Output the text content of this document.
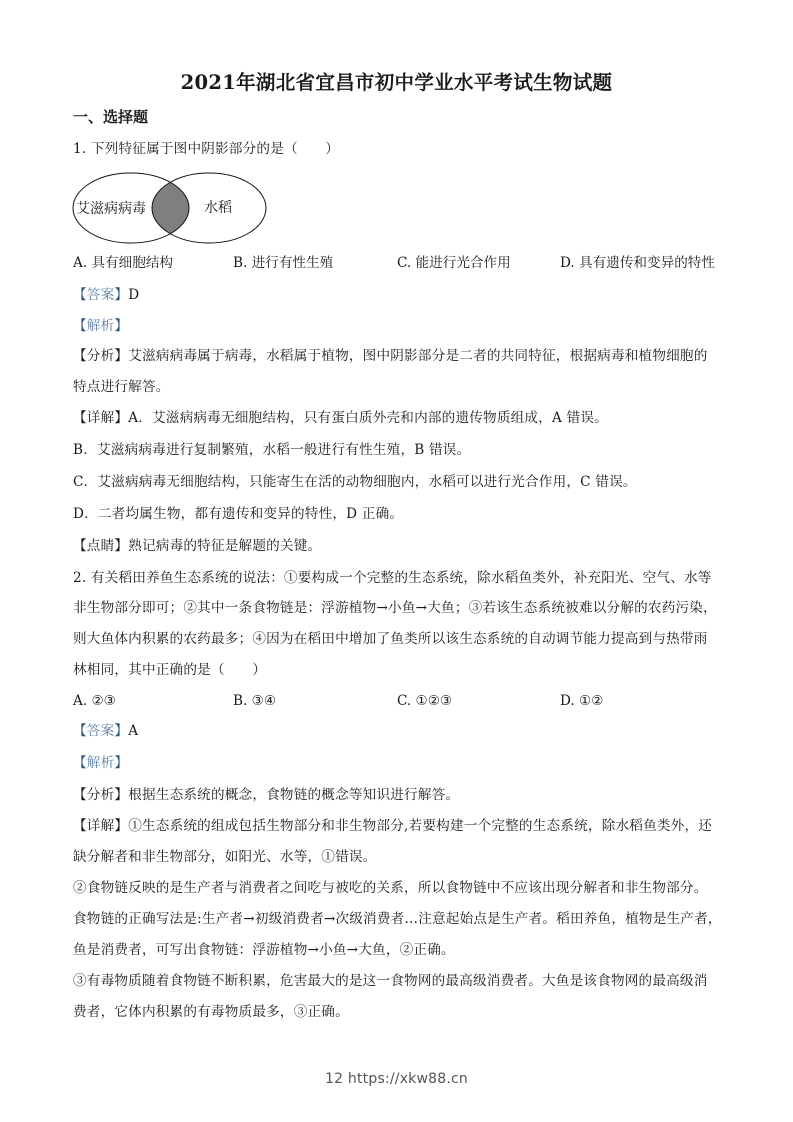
2021年湖北省宜昌市初中学业水平考试生物试题
一、选择题
1. 下列特征属于图中阴影部分的是（　　）
艾滋病病毒	水稻
A. 具有细胞结构	B. 进行有性生殖	C. 能进行光合作用	D. 具有遗传和变异的特性
【答案】D
【解析】
【分析】艾滋病病毒属于病毒，水稻属于植物，图中阴影部分是二者的共同特征，根据病毒和植物细胞的
特点进行解答。
【详解】A．艾滋病病毒无细胞结构，只有蛋白质外壳和内部的遗传物质组成，A 错误。
B．艾滋病病毒进行复制繁殖，水稻一般进行有性生殖，B 错误。
C．艾滋病病毒无细胞结构，只能寄生在活的动物细胞内，水稻可以进行光合作用，C 错误。
D．二者均属生物，都有遗传和变异的特性，D 正确。
【点睛】熟记病毒的特征是解题的关键。
2. 有关稻田养鱼生态系统的说法：①要构成一个完整的生态系统，除水稻鱼类外，补充阳光、空气、水等
非生物部分即可；②其中一条食物链是：浮游植物→小鱼→大鱼；③若该生态系统被难以分解的农药污染，
则大鱼体内积累的农药最多；④因为在稻田中增加了鱼类所以该生态系统的自动调节能力提高到与热带雨
林相同，其中正确的是（　　）
A. ②③	B. ③④	C. ①②③	D. ①②
【答案】A
【解析】
【分析】根据生态系统的概念，食物链的概念等知识进行解答。
【详解】①生态系统的组成包括生物部分和非生物部分,若要构建一个完整的生态系统，除水稻鱼类外，还
缺分解者和非生物部分，如阳光、水等，①错误。
②食物链反映的是生产者与消费者之间吃与被吃的关系，所以食物链中不应该出现分解者和非生物部分。
食物链的正确写法是:生产者→初级消费者→次级消费者…注意起始点是生产者。稻田养鱼，植物是生产者，
鱼是消费者，可写出食物链：浮游植物→小鱼→大鱼，②正确。
③有毒物质随着食物链不断积累，危害最大的是这一食物网的最高级消费者。大鱼是该食物网的最高级消
费者，它体内积累的有毒物质最多，③正确。
12 https://xkw88.cn
